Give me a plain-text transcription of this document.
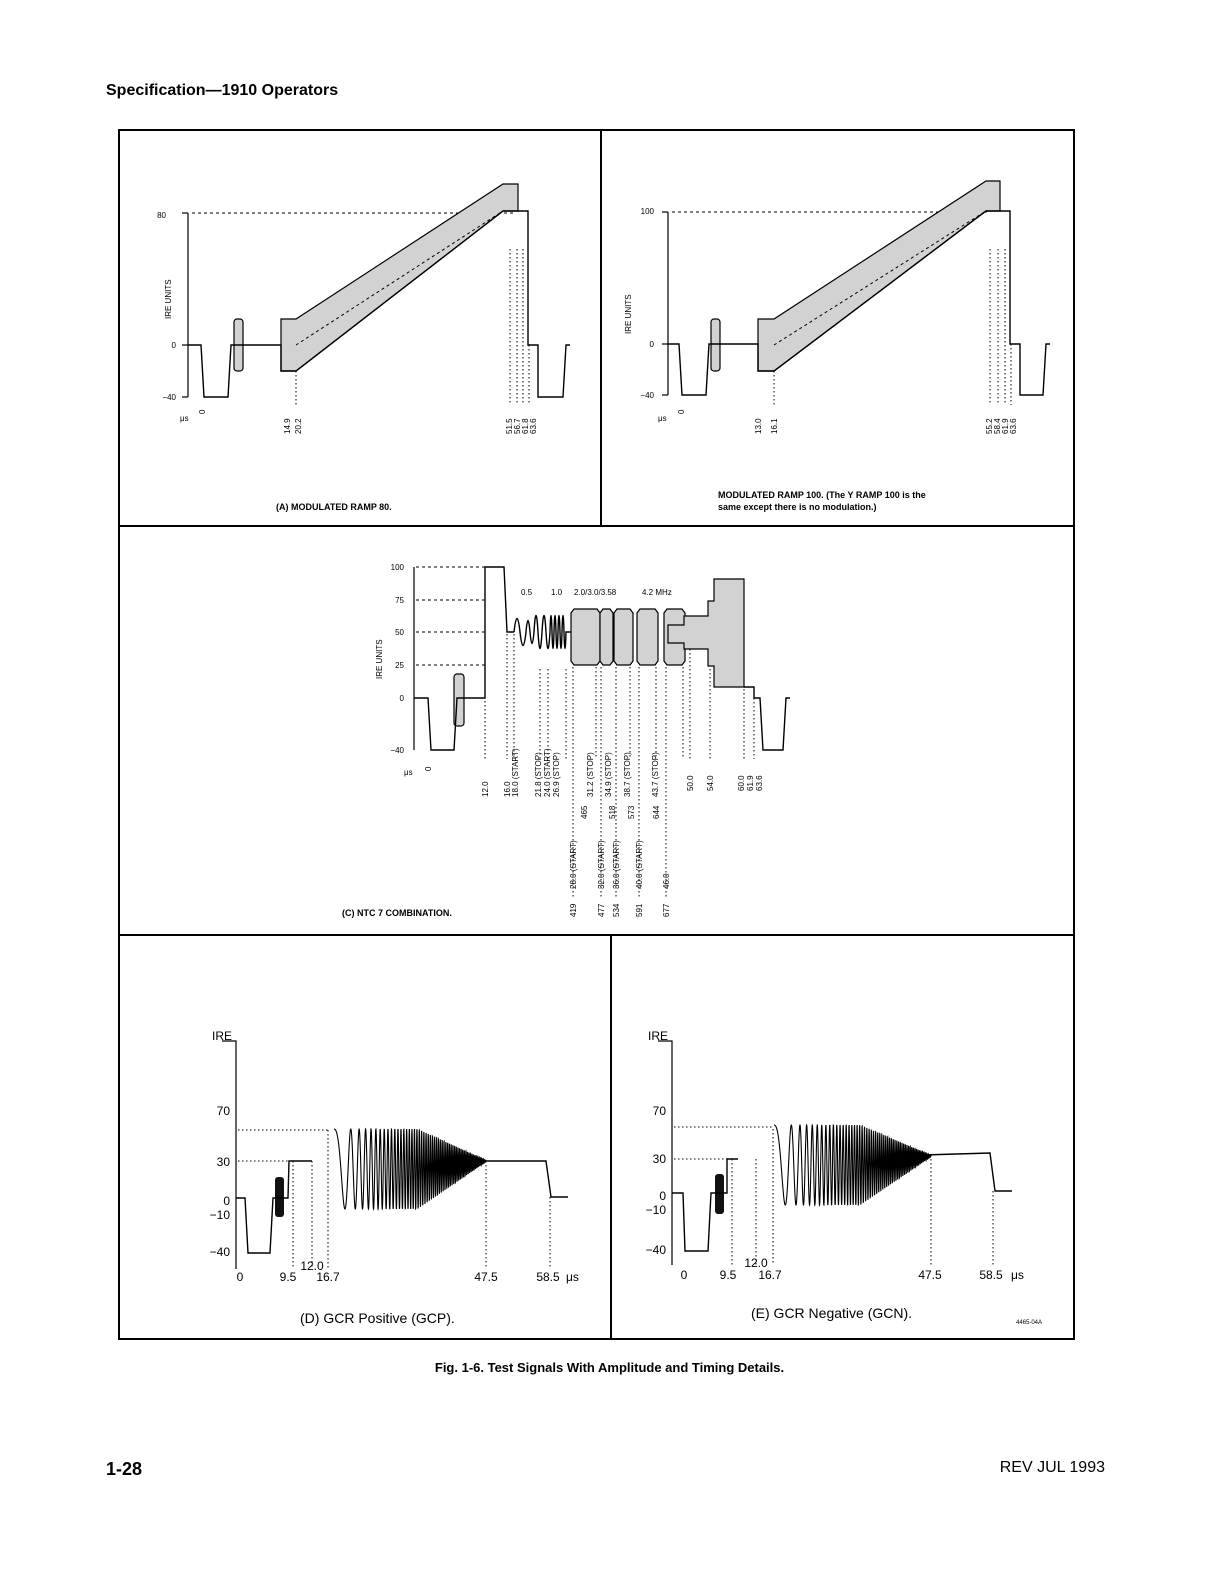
Specification—1910 Operators
80
0
−40
IRE UNITS
μs
0
14.9 20.2	51.5 56.7 61.8 63.6
(A) MODULATED RAMP 80.
100
0
−40
IRE UNITS
μs
0
13.0 16.1	55.2 58.4 61.9 63.6
MODULATED RAMP 100. (The Y RAMP 100 is the
same except there is no modulation.)
100
75
50
25
0
−40
IRE UNITS
0.5 1.0 2.0/3.0/3.58	4.2 MHz
μs 0
12.0 16.0 18.0 (START) 21.8 (STOP) 24.0 (START) 26.9 (STOP)	31.2 (STOP) 34.9 (STOP) 38.7 (STOP) 43.7 (STOP)	50.0 54.0	60.0 61.9 63.6
28.0 (START) 32.0 (START) 36.0 (START) 40.0 (START) 46.0
465 518 573 644
419 477 534 591 677
(C) NTC 7 COMBINATION.
IRE
70
30
0
−10
−40
0	9.5
12.0
16.7	47.5	58.5 μs
(D) GCR Positive (GCP).
IRE
70
30
0
−10
−40
0	9.5
12.0
16.7	47.5	58.5 μs
(E) GCR Negative (GCN).
4465-04A
Fig. 1-6. Test Signals With Amplitude and Timing Details.
1-28	REV JUL 1993
